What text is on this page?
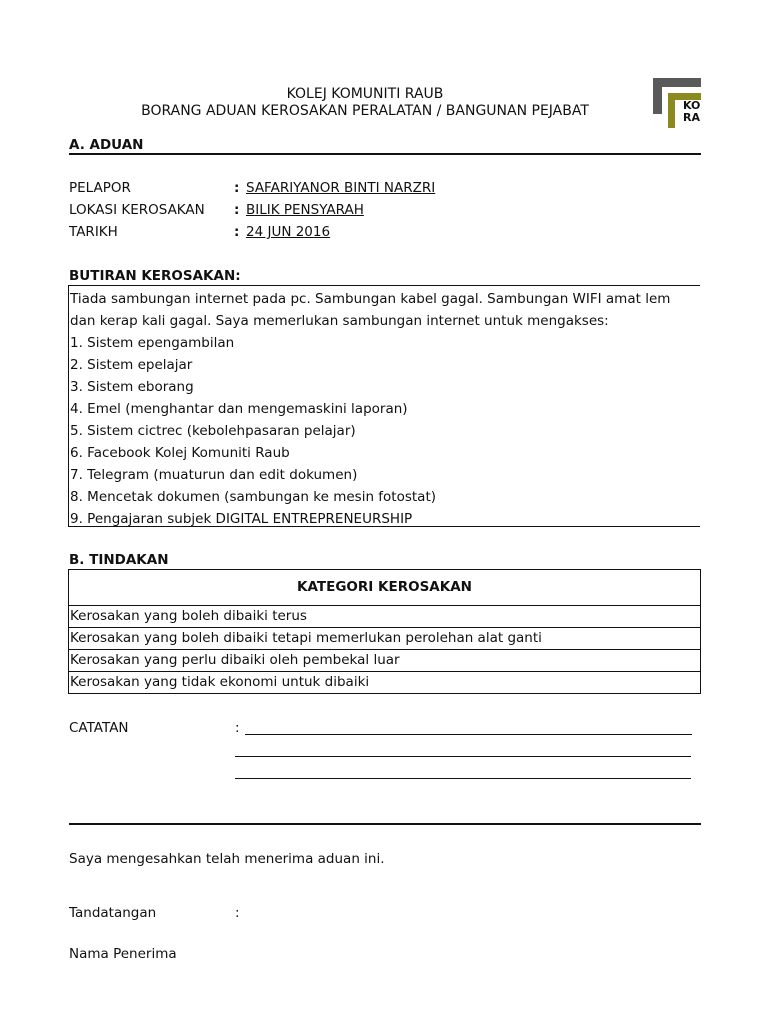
KOLEJ KOMUNITI RAUB
BORANG ADUAN KEROSAKAN PERALATAN / BANGUNAN PEJABAT	KO
RA
A. ADUAN
PELAPOR	: SAFARIYANOR BINTI NARZRI
LOKASI KEROSAKAN : BILIK PENSYARAH
TARIKH	: 24 JUN 2016
BUTIRAN KEROSAKAN:
Tiada sambungan internet pada pc. Sambungan kabel gagal. Sambungan WIFI amat lem
dan kerap kali gagal. Saya memerlukan sambungan internet untuk mengakses:
1. Sistem epengambilan
2. Sistem epelajar
3. Sistem eborang
4. Emel (menghantar dan mengemaskini laporan)
5. Sistem cictrec (kebolehpasaran pelajar)
6. Facebook Kolej Komuniti Raub
7. Telegram (muaturun dan edit dokumen)
8. Mencetak dokumen (sambungan ke mesin fotostat)
9. Pengajaran subjek DIGITAL ENTREPRENEURSHIP
B. TINDAKAN
KATEGORI KEROSAKAN
Kerosakan yang boleh dibaiki terus
Kerosakan yang boleh dibaiki tetapi memerlukan perolehan alat ganti
Kerosakan yang perlu dibaiki oleh pembekal luar
Kerosakan yang tidak ekonomi untuk dibaiki
CATATAN	:
Saya mengesahkan telah menerima aduan ini.
Tandatangan	:
Nama Penerima
